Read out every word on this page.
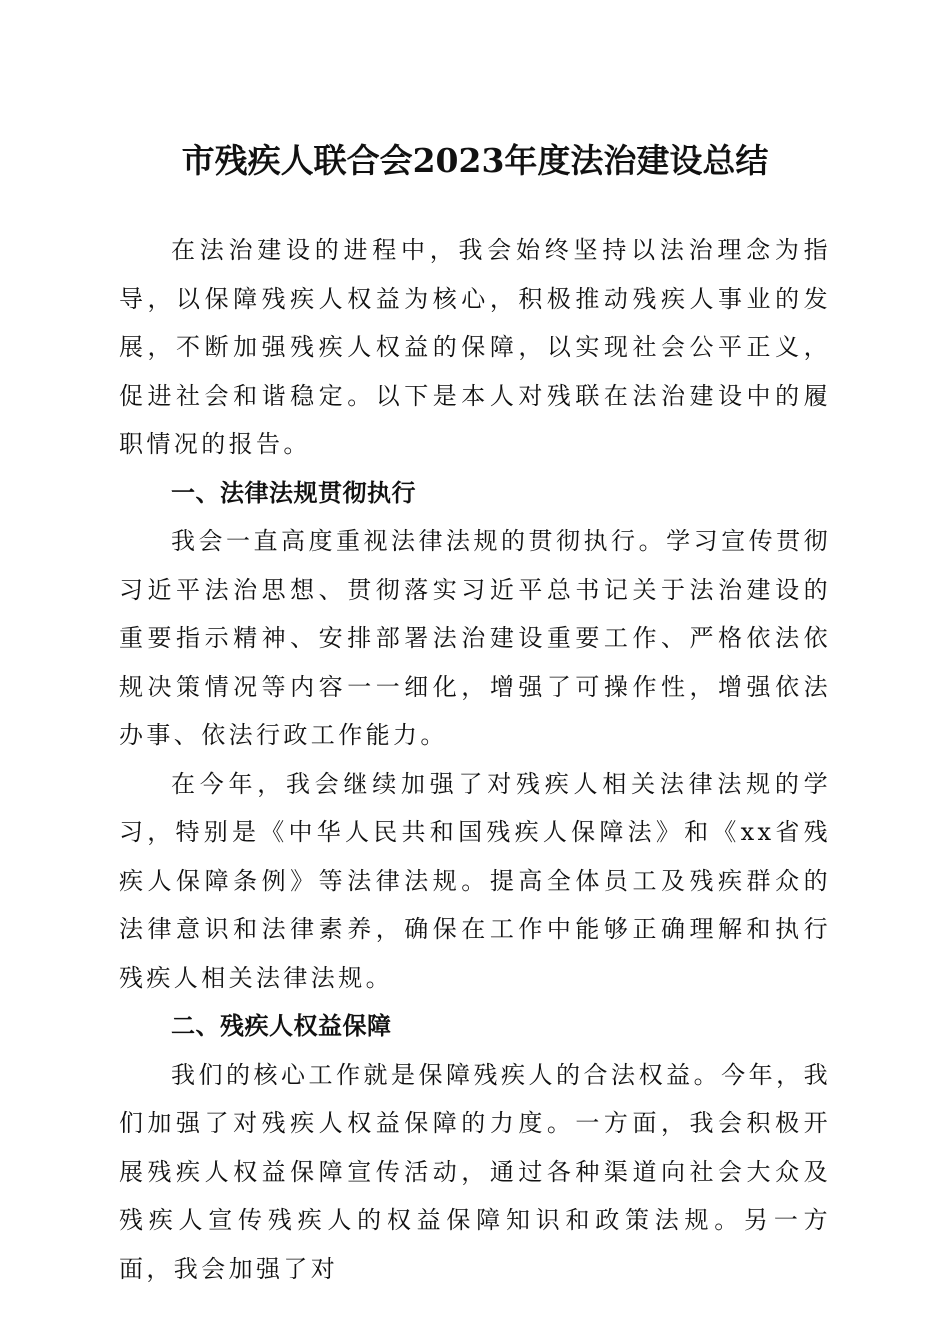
市残疾人联合会2023年度法治建设总结

在法治建设的进程中，我会始终坚持以法治理念为指导，以保障残疾人权益为核心，积极推动残疾人事业的发展，不断加强残疾人权益的保障，以实现社会公平正义，促进社会和谐稳定。以下是本人对残联在法治建设中的履职情况的报告。

一、法律法规贯彻执行

我会一直高度重视法律法规的贯彻执行。学习宣传贯彻习近平法治思想、贯彻落实习近平总书记关于法治建设的重要指示精神、安排部署法治建设重要工作、严格依法依规决策情况等内容一一细化，增强了可操作性，增强依法办事、依法行政工作能力。

在今年，我会继续加强了对残疾人相关法律法规的学习，特别是《中华人民共和国残疾人保障法》和《xx省残疾人保障条例》等法律法规。提高全体员工及残疾群众的法律意识和法律素养，确保在工作中能够正确理解和执行残疾人相关法律法规。

二、残疾人权益保障

我们的核心工作就是保障残疾人的合法权益。今年，我们加强了对残疾人权益保障的力度。一方面，我会积极开展残疾人权益保障宣传活动，通过各种渠道向社会大众及残疾人宣传残疾人的权益保障知识和政策法规。另一方面，我会加强了对
